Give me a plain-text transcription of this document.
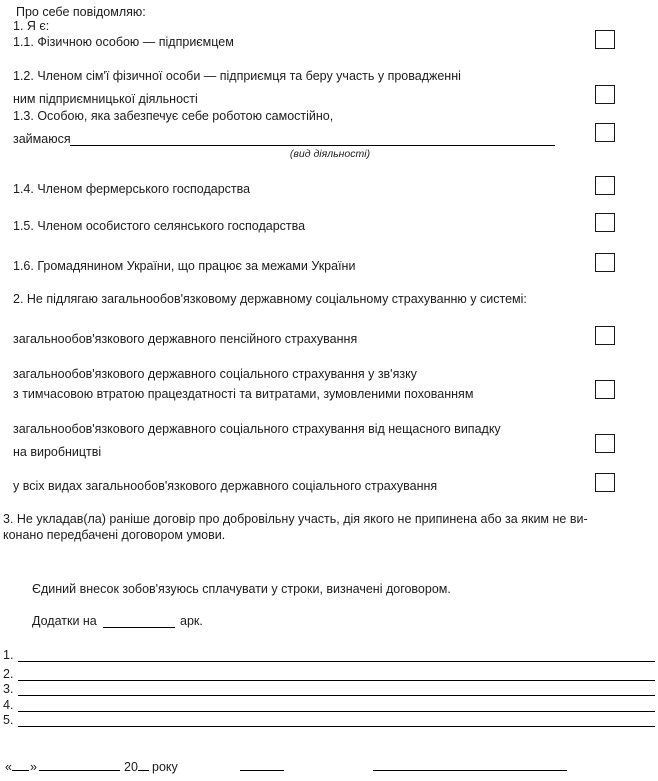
Про себе повідомляю:
1. Я є:
1.1. Фізичною особою — підприємцем
1.2. Членом сім'ї фізичної особи — підприємця та беру участь у провадженні
ним підприємницької діяльності
1.3. Особою, яка забезпечує себе роботою самостійно,
займаюся
(вид діяльності)
1.4. Членом фермерського господарства
1.5. Членом особистого селянського господарства
1.6. Громадянином України, що працює за межами України
2. Не підлягаю загальнообов'язковому державному соціальному страхуванню у системі:
загальнообов'язкового державного пенсійного страхування
загальнообов'язкового державного соціального страхування у зв'язку
з тимчасовою втратою працездатності та витратами, зумовленими похованням
загальнообов'язкового державного соціального страхування від нещасного випадку
на виробництві
у всіх видах загальнообов'язкового державного соціального страхування
3. Не укладав(ла) раніше договір про добровільну участь, дія якого не припинена або за яким не ви-
конано передбачені договором умови.
Єдиний внесок зобов'язуюсь сплачувати у строки, визначені договором.
Додатки на	арк.
1.
2.
3.
4.
5.
« »	20 року
